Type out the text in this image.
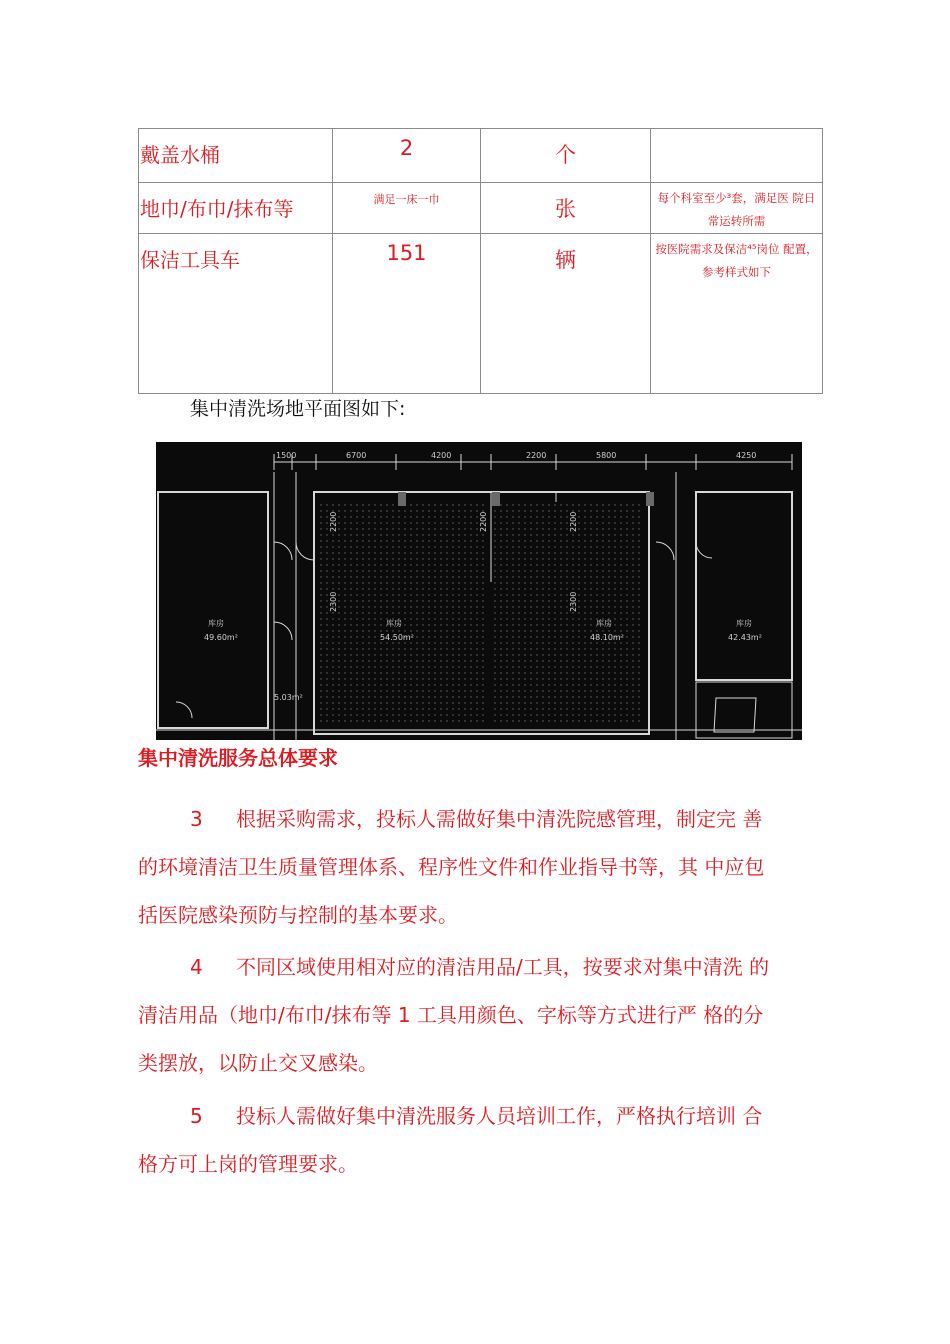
戴盖水桶	2	个	

地巾/布巾/抹布等	满足一床一巾	张	每个科室至少³套，满足医 院日常运转所需

保洁工具车	151	辆	按医院需求及保洁⁴⁵岗位 配置，参考样式如下
集中清洗场地平面图如下:
1500	6700	4200	2200	5800	4250
2200	2200	2200
2300	2300
库房
49.60m²
库房
54.50m²
库房
48.10m²
库房
42.43m²
5.03m²
集中清洗服务总体要求
3 根据采购需求，投标人需做好集中清洗院感管理，制定完 善
的环境清洁卫生质量管理体系、程序性文件和作业指导书等，其 中应包
括医院感染预防与控制的基本要求。
4 不同区域使用相对应的清洁用品/工具，按要求对集中清洗 的
清洁用品（地巾/布巾/抹布等 1 工具用颜色、字标等方式进行严 格的分
类摆放，以防止交叉感染。
5 投标人需做好集中清洗服务人员培训工作，严格执行培训 合
格方可上岗的管理要求。
